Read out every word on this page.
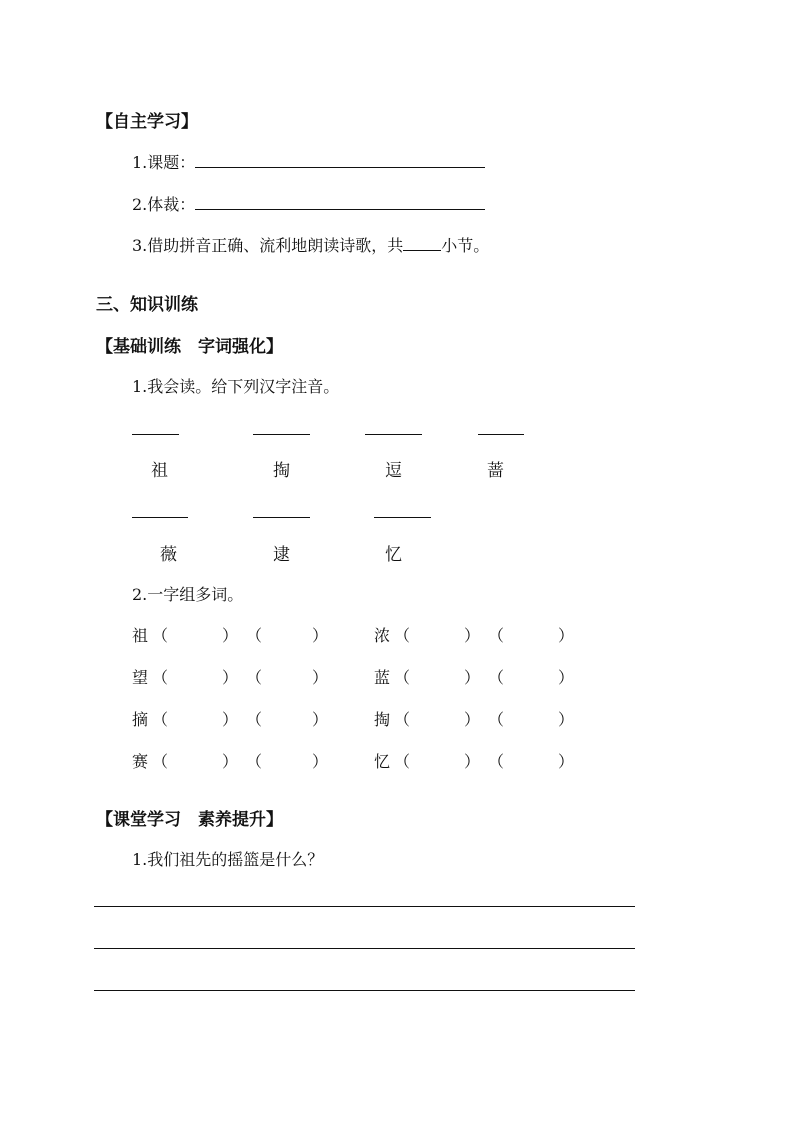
【自主学习】
1.课题：
2.体裁：
3.借助拼音正确、流利地朗读诗歌，共 小节。
三、知识训练
【基础训练　字词强化】
1.我会读。给下列汉字注音。
祖	掏	逗	蔷
薇	逮	忆
2.一字组多词。
祖 （	） （	）	浓 （	） （	）
望 （	） （	）	蓝 （	） （	）
摘 （	） （	）	掏 （	） （	）
赛 （	） （	）	忆 （	） （	）
【课堂学习　素养提升】
1.我们祖先的摇篮是什么？
